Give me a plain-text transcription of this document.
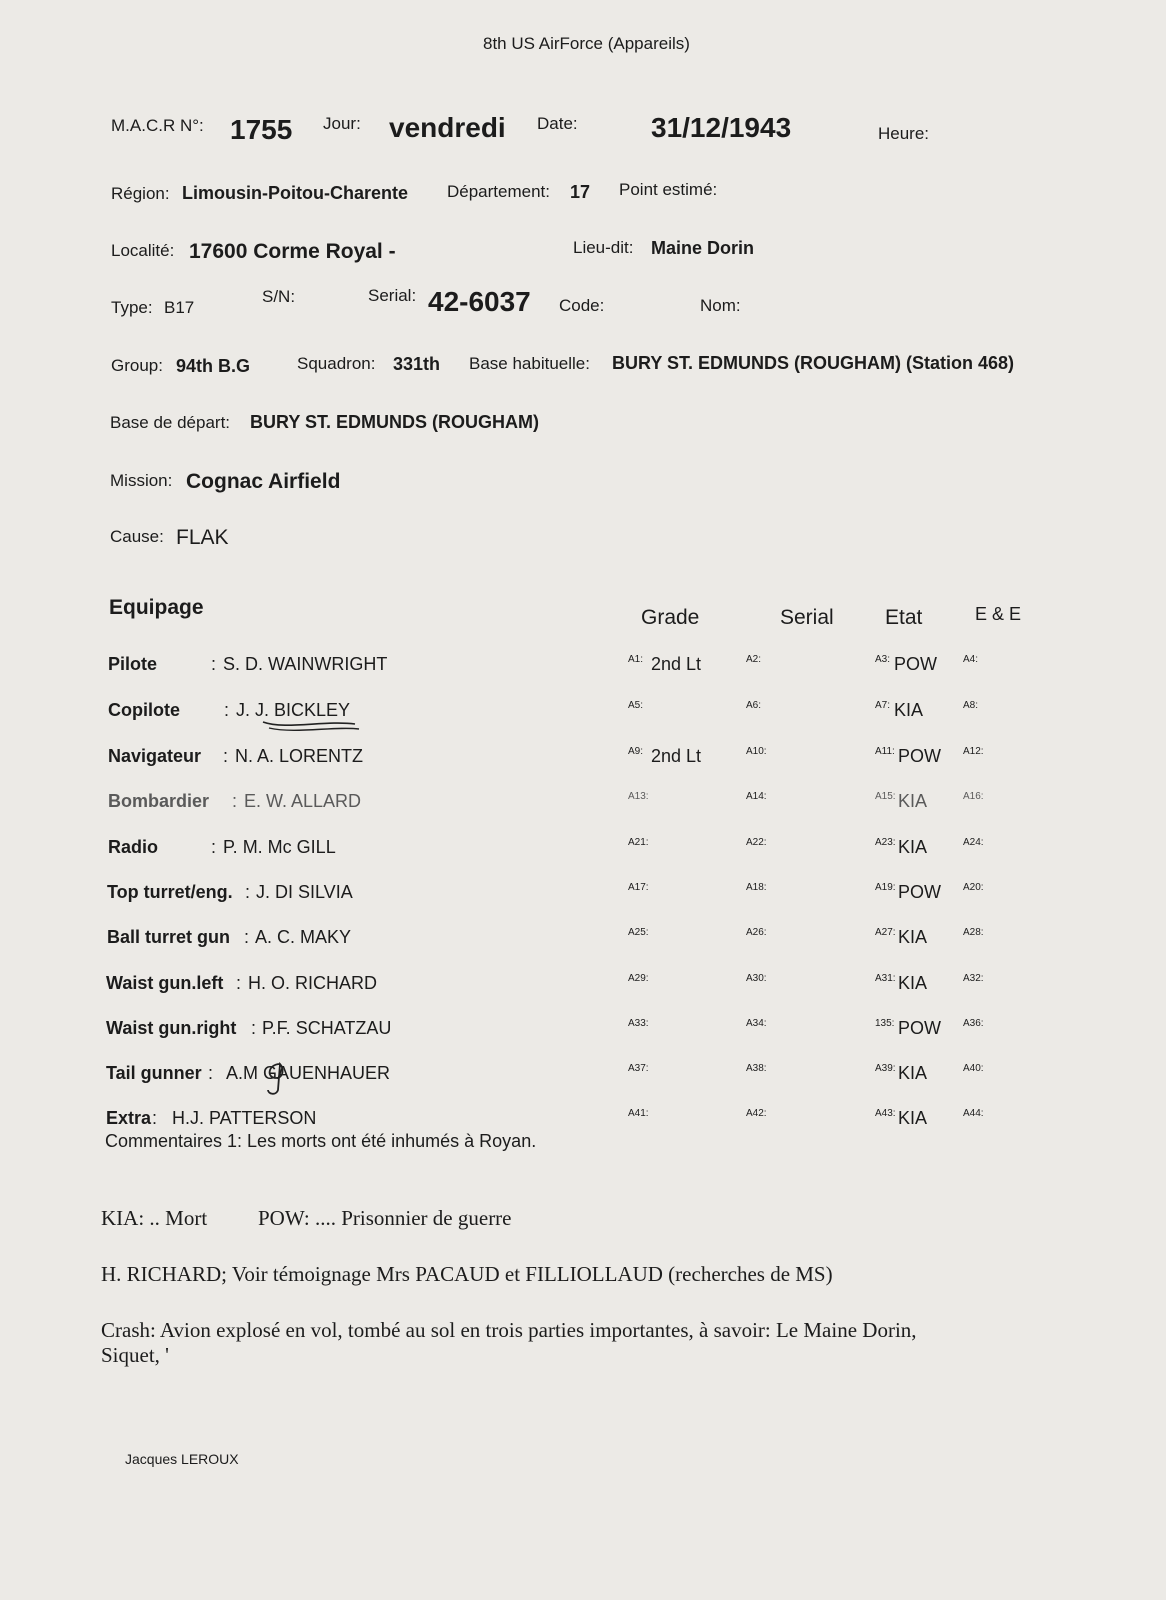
8th US AirForce (Appareils)
M.A.C.R N°: 1755 Jour: vendredi Date:	31/12/1943	Heure:
Région: Limousin-Poitou-Charente Département: 17 Point estimé:
Localité: 17600 Corme Royal -	Lieu-dit: Maine Dorin
Type: B17
S/N:	Serial: 42-6037 Code:	Nom:
Group: 94th B.G	Squadron: 331th Base habituelle: BURY ST. EDMUNDS (ROUGHAM) (Station 468)
Base de départ: BURY ST. EDMUNDS (ROUGHAM)
Mission: Cognac Airfield
Cause: FLAK
Equipage	Grade	Serial Etat	E & E
Pilote	: S. D. WAINWRIGHT	A1: 2nd Lt	A2:	A3: POW	A4:
Copilote : J. J. BICKLEY	A5:	A6:	A7: KIA	A8:
Navigateur : N. A. LORENTZ	A9: 2nd Lt	A10:	A11: POW A12:
Bombardier : E. W. ALLARD	A13:	A14:	A15: KIA	A16:
Radio	: P. M. Mc GILL	A21:	A22:	A23: KIA	A24:
Top turret/eng. : J. DI SILVIA	A17:	A18:	A19: POW A20:
Ball turret gun : A. C. MAKY	A25:	A26:	A27: KIA	A28:
Waist gun.left : H. O. RICHARD	A29:	A30:	A31: KIA	A32:
Waist gun.right : P.F. SCHATZAU	A33:	A34:	135: POW A36:
Tail gunner : A.M GAUENHAUER	A37:	A38:	A39: KIA	A40:
Extra : H.J. PATTERSON	A41:	A42:	A43: KIA	A44:
Commentaires 1: Les morts ont été inhumés à Royan.
KIA: .. Mort POW: .... Prisonnier de guerre
H. RICHARD; Voir témoignage Mrs PACAUD et FILLIOLLAUD (recherches de MS)
Crash: Avion explosé en vol, tombé au sol en trois parties importantes, à savoir: Le Maine Dorin,
Siquet, '
Jacques LEROUX
